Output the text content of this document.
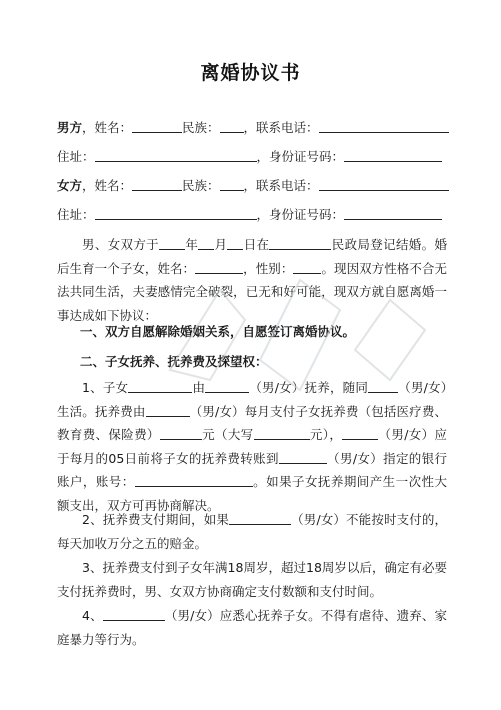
离婚协议书
男方，姓名：	民族： ，联系电话：
住址：	，身份证号码：
女方，姓名：	民族： ，联系电话：
住址：	，身份证号码：
男、女双方于 年 月 日在	民政局登记结婚。婚后生育一个子女，姓名：	，性别： 。现因双方性格不合无法共同生活，夫妻感情完全破裂，已无和好可能，现双方就自愿离婚一事达成如下协议：
一、双方自愿解除婚姻关系，自愿签订离婚协议。
二、子女抚养、抚养费及探望权：
1、子女	由	（男/女）抚养，随同 （男/女）生活。抚养费由	（男/女）每月支付子女抚养费（包括医疗费、教育费、保险费）	元（大写	元），	（男/女）应于每月的05日前将子女的抚养费转账到	（男/女）指定的银行账户，账号：	。如果子女抚养期间产生一次性大额支出，双方可再协商解决。
2、抚养费支付期间，如果	（男/女）不能按时支付的，每天加收万分之五的赔金。
3、抚养费支付到子女年满18周岁，超过18周岁以后，确定有必要支付抚养费时，男、女双方协商确定支付数额和支付时间。
4、	（男/女）应悉心抚养子女。不得有虐待、遗弃、家庭暴力等行为。
